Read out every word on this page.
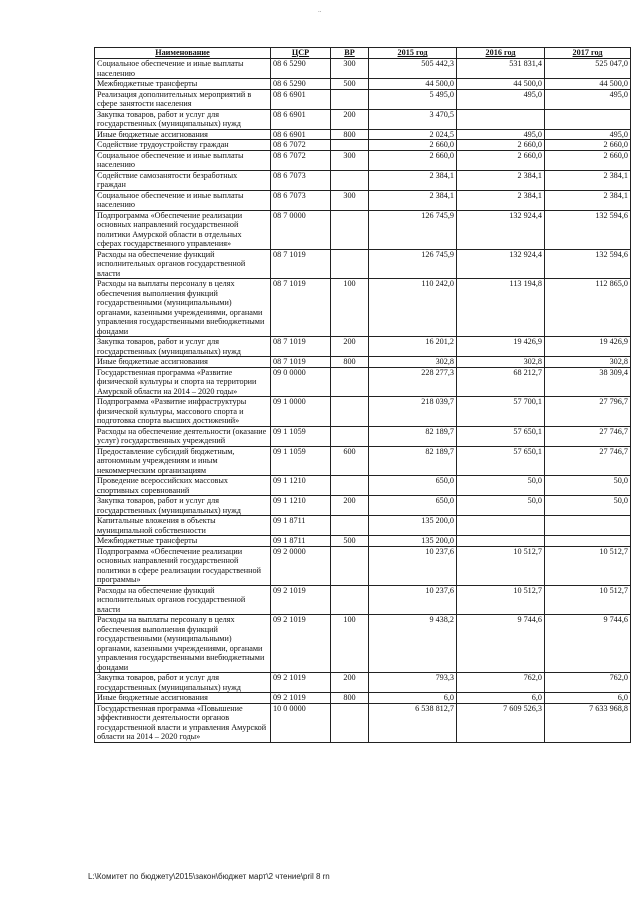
..
Наименование	ЦСР	ВР	2015 год	2016 год	2017 год
Социальное обеспечение и иные выплаты населению	08 6 5290	300	505 442,3	531 831,4	525 047,0
Межбюджетные трансферты	08 6 5290	500	44 500,0	44 500,0	44 500,0
Реализация дополнительных мероприятий в сфере занятости населения	08 6 6901		5 495,0	495,0	495,0
Закупка товаров, работ и услуг для государственных (муниципальных) нужд	08 6 6901	200	3 470,5		
Иные бюджетные ассигнования	08 6 6901	800	2 024,5	495,0	495,0
Содействие трудоустройству граждан	08 6 7072		2 660,0	2 660,0	2 660,0
Социальное обеспечение и иные выплаты населению	08 6 7072	300	2 660,0	2 660,0	2 660,0
Содействие самозанятости безработных граждан	08 6 7073		2 384,1	2 384,1	2 384,1
Социальное обеспечение и иные выплаты населению	08 6 7073	300	2 384,1	2 384,1	2 384,1
Подпрограмма «Обеспечение реализации основных направлений государственной политики Амурской области в отдельных сферах государственного управления»	08 7 0000		126 745,9	132 924,4	132 594,6
Расходы на обеспечение функций исполнительных органов государственной власти	08 7 1019		126 745,9	132 924,4	132 594,6
Расходы на выплаты персоналу в целях обеспечения выполнения функций государственными (муниципальными) органами, казенными учреждениями, органами управления государственными внебюджетными фондами	08 7 1019	100	110 242,0	113 194,8	112 865,0
Закупка товаров, работ и услуг для государственных (муниципальных) нужд	08 7 1019	200	16 201,2	19 426,9	19 426,9
Иные бюджетные ассигнования	08 7 1019	800	302,8	302,8	302,8
Государственная программа «Развитие физической культуры и спорта на территории Амурской области на 2014 – 2020 годы»	09 0 0000		228 277,3	68 212,7	38 309,4
Подпрограмма «Развитие инфраструктуры физической культуры, массового спорта и подготовка спорта высших достижений»	09 1 0000		218 039,7	57 700,1	27 796,7
Расходы на обеспечение деятельности (оказание услуг) государственных учреждений	09 1 1059		82 189,7	57 650,1	27 746,7
Предоставление субсидий бюджетным, автономным учреждениям и иным некоммерческим организациям	09 1 1059	600	82 189,7	57 650,1	27 746,7
Проведение всероссийских массовых спортивных соревнований	09 1 1210		650,0	50,0	50,0
Закупка товаров, работ и услуг для государственных (муниципальных) нужд	09 1 1210	200	650,0	50,0	50,0
Капитальные вложения в объекты муниципальной собственности	09 1 8711		135 200,0		
Межбюджетные трансферты	09 1 8711	500	135 200,0		
Подпрограмма «Обеспечение реализации основных направлений государственной политики в сфере реализации государственной программы»	09 2 0000		10 237,6	10 512,7	10 512,7
Расходы на обеспечение функций исполнительных органов государственной власти	09 2 1019		10 237,6	10 512,7	10 512,7
Расходы на выплаты персоналу в целях обеспечения выполнения функций государственными (муниципальными) органами, казенными учреждениями, органами управления государственными внебюджетными фондами	09 2 1019	100	9 438,2	9 744,6	9 744,6
Закупка товаров, работ и услуг для государственных (муниципальных) нужд	09 2 1019	200	793,3	762,0	762,0
Иные бюджетные ассигнования	09 2 1019	800	6,0	6,0	6,0
Государственная программа «Повышение эффективности деятельности органов государственной власти и управления Амурской области на 2014 – 2020 годы»	10 0 0000		6 538 812,7	7 609 526,3	7 633 968,8
L:\Комитет по бюджету\2015\закон\бюджет март\2 чтение\pril 8 rn
